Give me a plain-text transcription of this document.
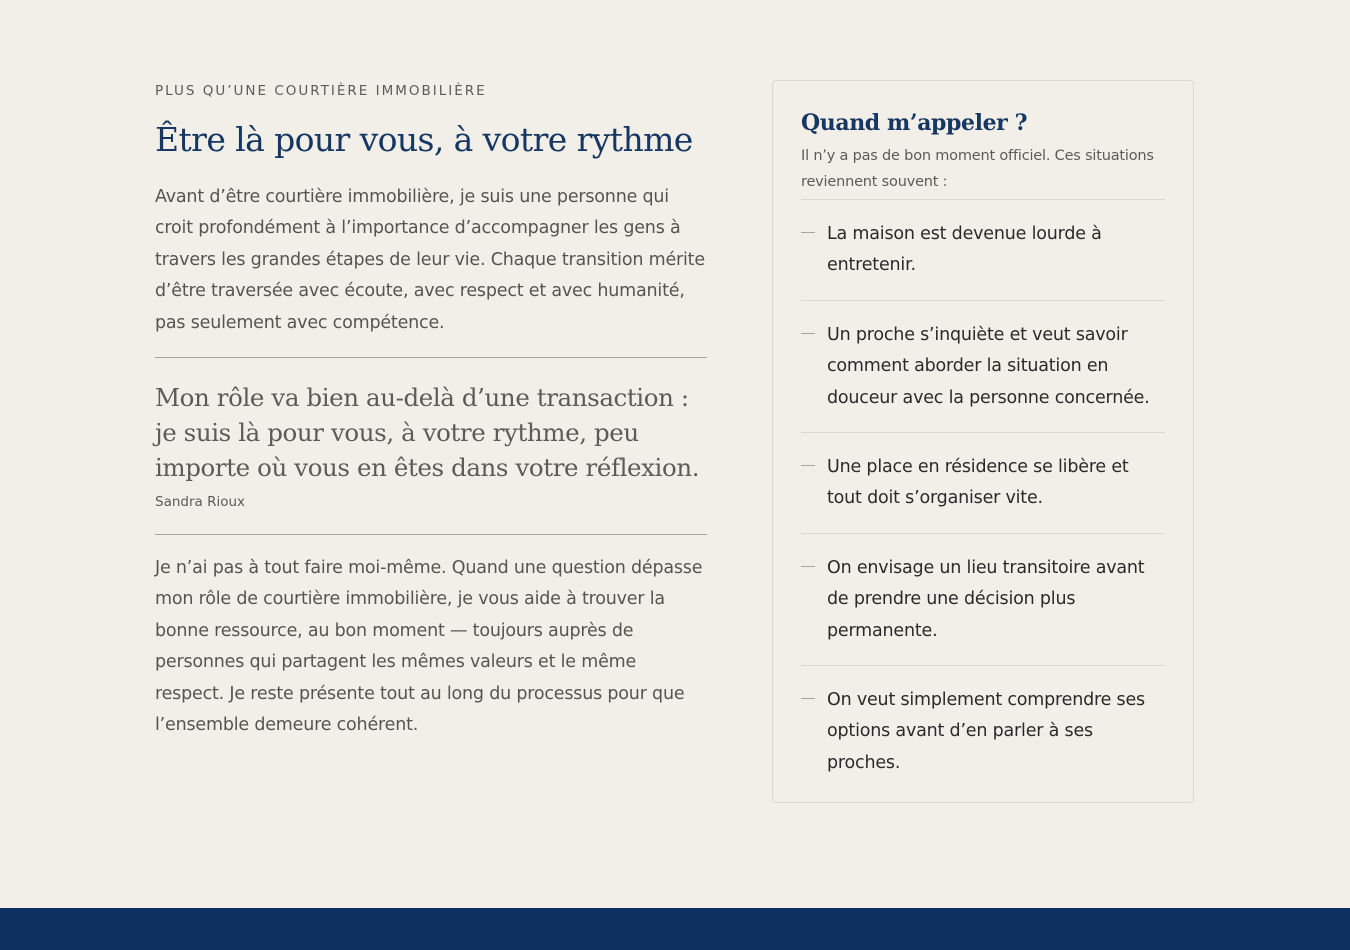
PLUS QU’UNE COURTIÈRE IMMOBILIÈRE

Être là pour vous, à votre rythme

Avant d’être courtière immobilière, je suis une personne qui croit profondément à l’importance d’accompagner les gens à travers les grandes étapes de leur vie. Chaque transition mérite d’être traversée avec écoute, avec respect et avec humanité, pas seulement avec compétence.

Mon rôle va bien au-delà d’une transaction : je suis là pour vous, à votre rythme, peu importe où vous en êtes dans votre réflexion.

Sandra Rioux

Je n’ai pas à tout faire moi-même. Quand une question dépasse mon rôle de courtière immobilière, je vous aide à trouver la bonne ressource, au bon moment — toujours auprès de personnes qui partagent les mêmes valeurs et le même respect. Je reste présente tout au long du processus pour que l’ensemble demeure cohérent.

Quand m’appeler ?

Il n’y a pas de bon moment officiel. Ces situations reviennent souvent :

La maison est devenue lourde à entretenir.
Un proche s’inquiète et veut savoir comment aborder la situation en douceur avec la personne concernée.
Une place en résidence se libère et tout doit s’organiser vite.
On envisage un lieu transitoire avant de prendre une décision plus permanente.
On veut simplement comprendre ses options avant d’en parler à ses proches.
